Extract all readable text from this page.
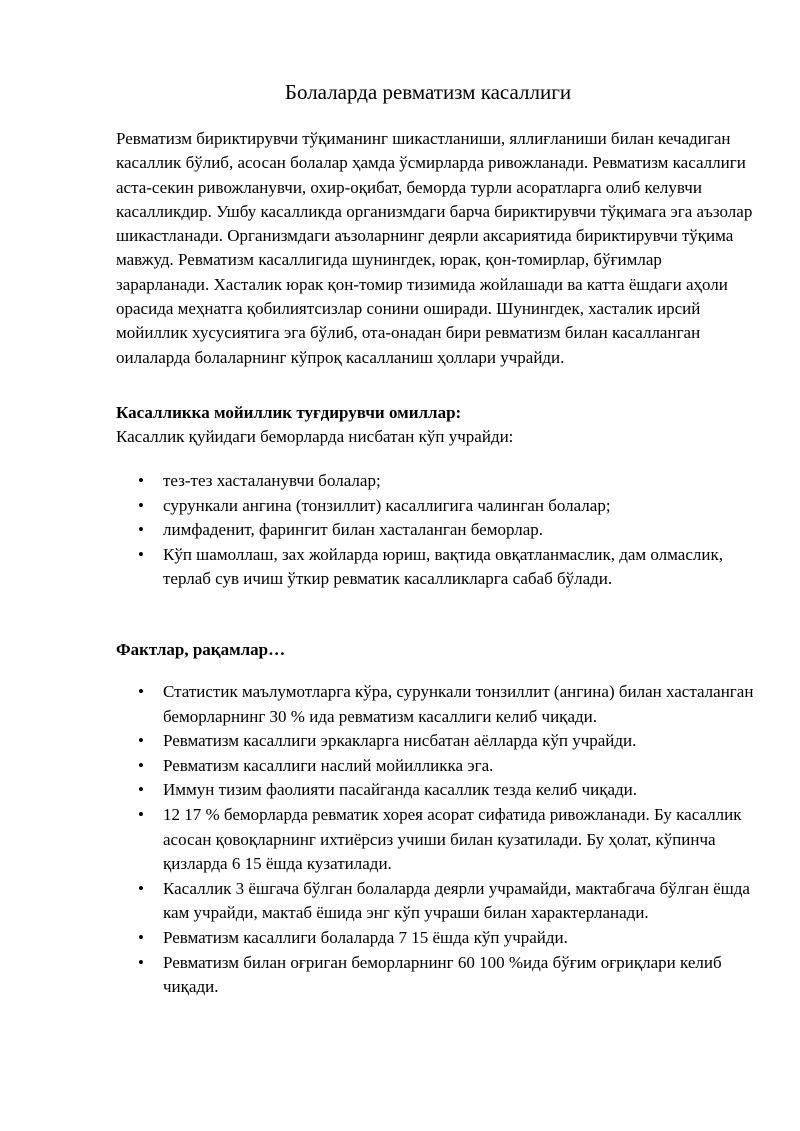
Болаларда ревматизм касаллиги

Ревматизм бириктирувчи тўқиманинг шикастланиши, яллиғланиши билан кечадиган касаллик бўлиб, асосан болалар ҳамда ўсмирларда ривожланади. Ревматизм касаллиги аста-секин ривожланувчи, охир-оқибат, беморда турли асоратларга олиб келувчи касалликдир. Ушбу касалликда организмдаги барча бириктирувчи тўқимага эга аъзолар шикастланади. Организмдаги аъзоларнинг деярли аксариятида бириктирувчи тўқима мавжуд. Ревматизм касаллигида шунингдек, юрак, қон-томирлар, бўғимлар зарарланади. Хасталик юрак қон-томир тизимида жойлашади ва катта ёшдаги аҳоли орасида меҳнатга қобилиятсизлар сонини оширади. Шунингдек, хасталик ирсий мойиллик хусусиятига эга бўлиб, ота-онадан бири ревматизм билан касалланган оилаларда болаларнинг кўпроқ касалланиш ҳоллари учрайди.

Касалликка мойиллик туғдирувчи омиллар:

Касаллик қуйидаги беморларда нисбатан кўп учрайди:

• тез-тез хасталанувчи болалар;
• сурункали ангина (тонзиллит) касаллигига чалинган болалар;
• лимфаденит, фарингит билан хасталанган беморлар.
• Кўп шамоллаш, зах жойларда юриш, вақтида овқатланмаслик, дам олмаслик, терлаб сув ичиш ўткир ревматик касалликларга сабаб бўлади.

Фактлар, рақамлар…

• Статистик маълумотларга кўра, сурункали тонзиллит (ангина) билан хасталанган беморларнинг 30 % ида ревматизм касаллиги келиб чиқади.
• Ревматизм касаллиги эркакларга нисбатан аёлларда кўп учрайди.
• Ревматизм касаллиги наслий мойилликка эга.
• Иммун тизим фаолияти пасайганда касаллик тезда келиб чиқади.
• 12 17 % беморларда ревматик хорея асорат сифатида ривожланади. Бу касаллик асосан қовоқларнинг ихтиёрсиз учиши билан кузатилади. Бу ҳолат, кўпинча қизларда 6 15 ёшда кузатилади.
• Касаллик 3 ёшгача бўлган болаларда деярли учрамайди, мактабгача бўлган ёшда кам учрайди, мактаб ёшида энг кўп учраши билан характерланади.
• Ревматизм касаллиги болаларда 7 15 ёшда кўп учрайди.
• Ревматизм билан оғриган беморларнинг 60 100 %ида бўғим оғриқлари келиб чиқади.
